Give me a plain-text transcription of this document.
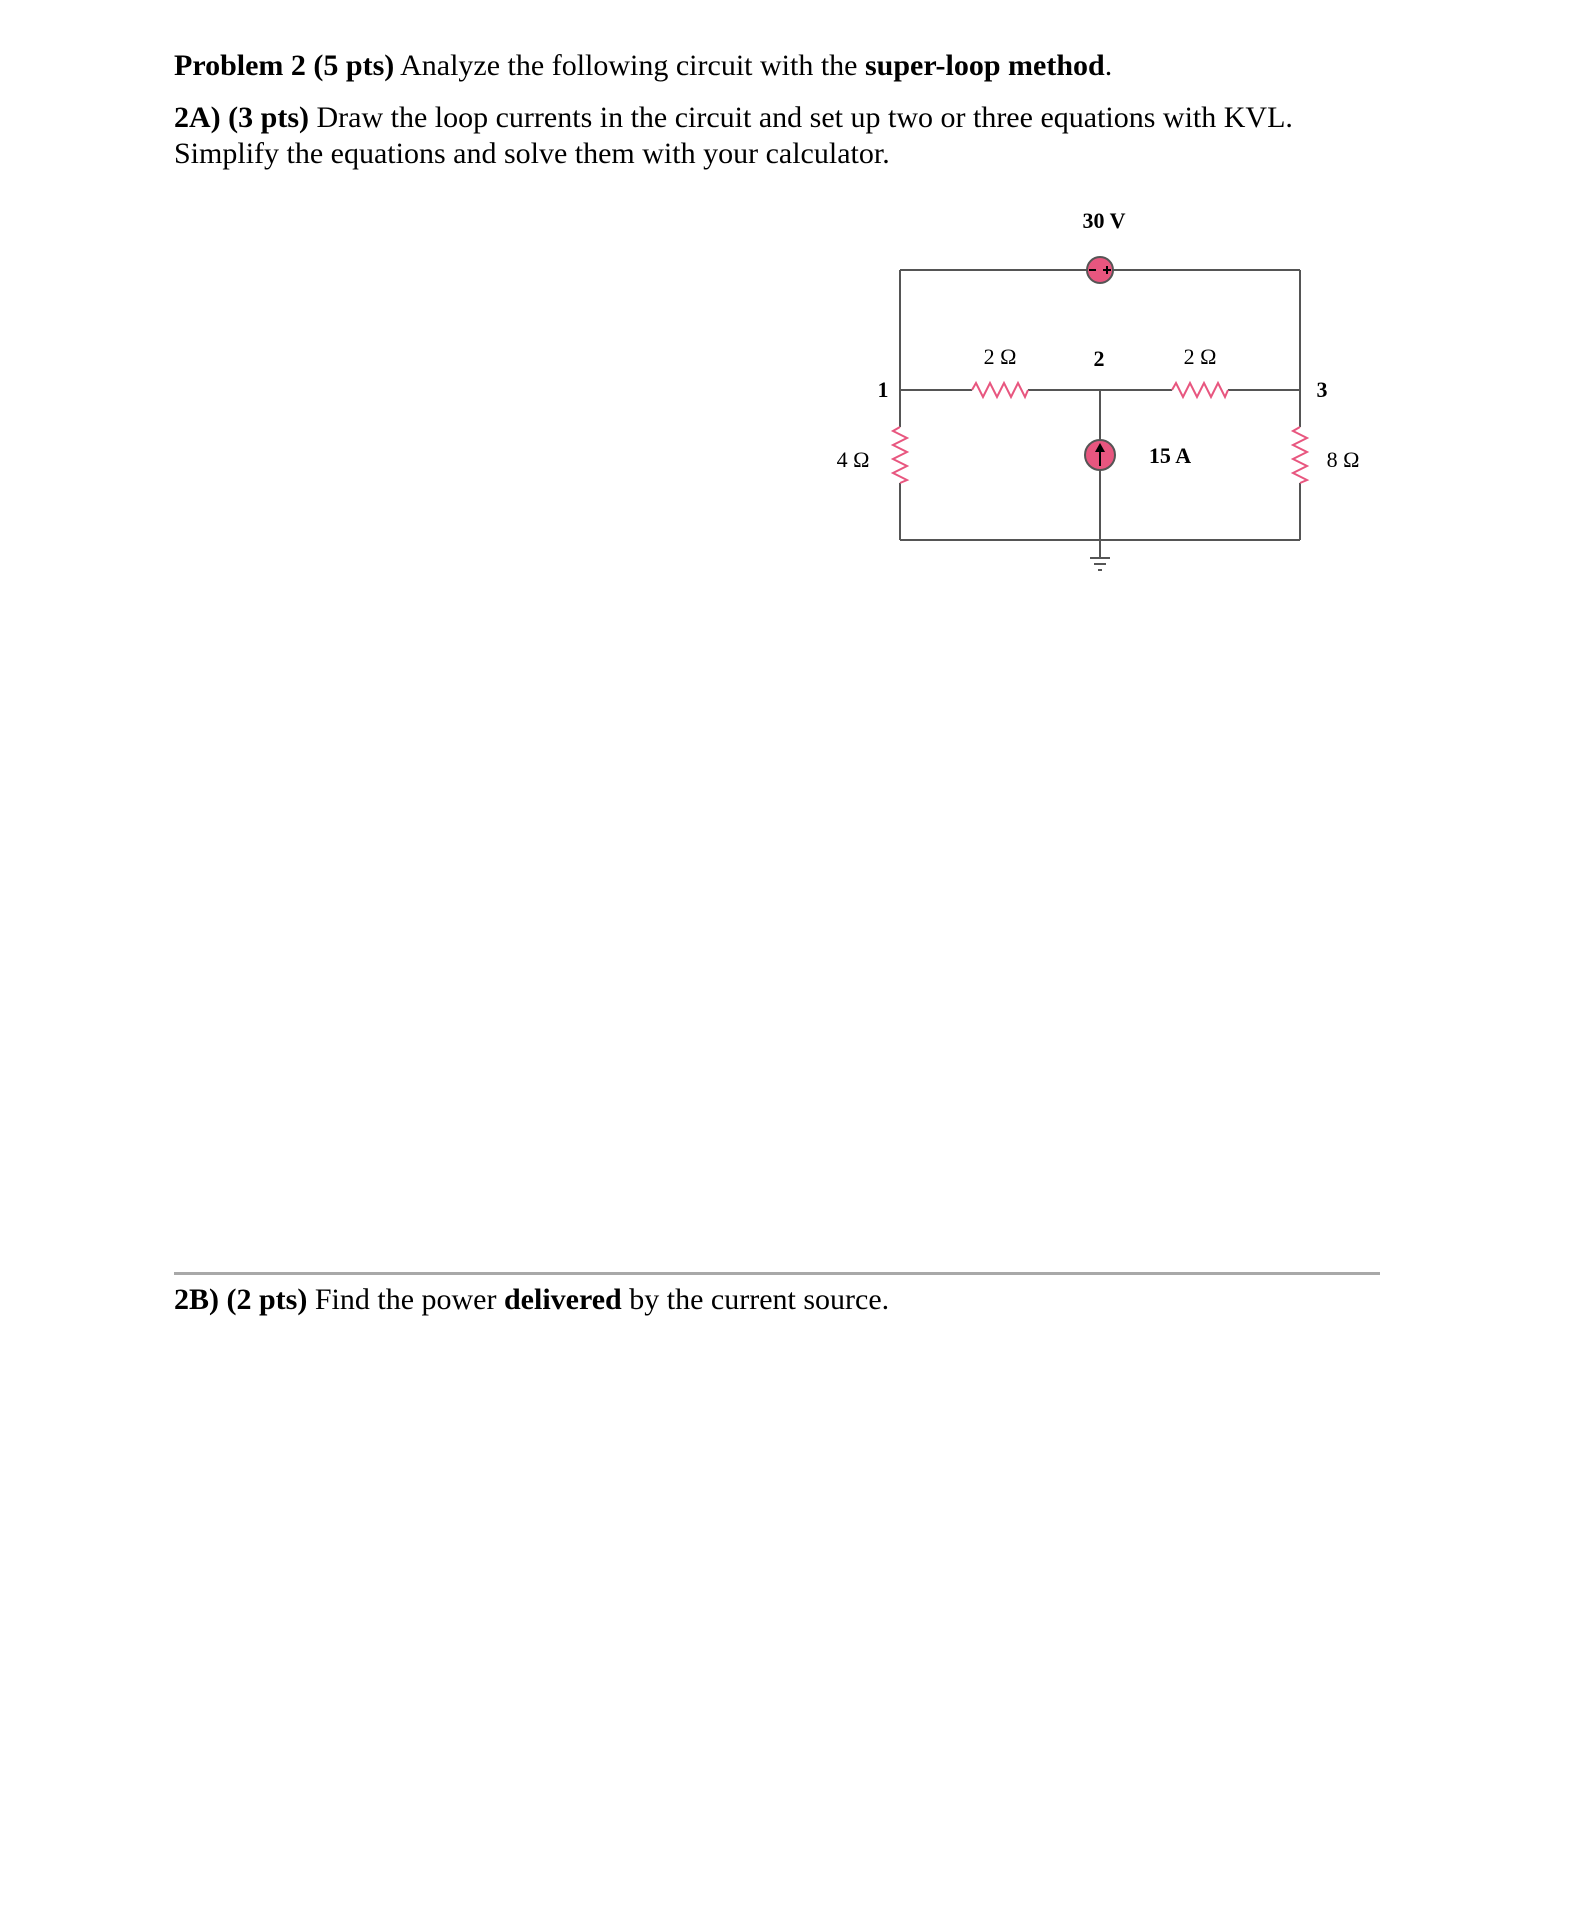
Problem 2 (5 pts) Analyze the following circuit with the super-loop method.

2A) (3 pts) Draw the loop currents in the circuit and set up two or three equations with KVL.

Simplify the equations and solve them with your calculator.

30 V
2 Ω	2	2 Ω
1	3
4 Ω	15 A	8 Ω

2B) (2 pts) Find the power delivered by the current source.
